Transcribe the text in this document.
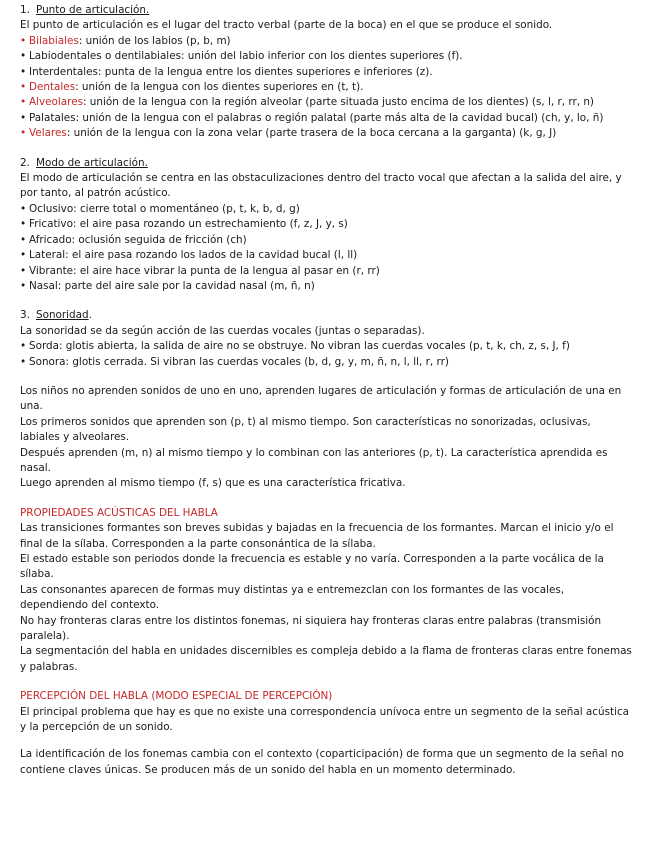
1. Punto de articulación.

El punto de articulación es el lugar del tracto verbal (parte de la boca) en el que se produce el sonido.

• Bilabiales: unión de los labios (p, b, m)
• Labiodentales o dentilabiales: unión del labio inferior con los dientes superiores (f).
• Interdentales: punta de la lengua entre los dientes superiores e inferiores (z).
• Dentales: unión de la lengua con los dientes superiores en (t, t).
• Alveolares: unión de la lengua con la región alveolar (parte situada justo encima de los dientes) (s, l, r, rr, n)
• Palatales: unión de la lengua con el palabras o región palatal (parte más alta de la cavidad bucal) (ch, y, lo, ñ)
• Velares: unión de la lengua con la zona velar (parte trasera de la boca cercana a la garganta) (k, g, J)

2. Modo de articulación.

El modo de articulación se centra en las obstaculizaciones dentro del tracto vocal que afectan a la salida del aire, y por tanto, al patrón acústico.

• Oclusivo: cierre total o momentáneo (p, t, k, b, d, g)
• Fricativo: el aire pasa rozando un estrechamiento (f, z, J, y, s)
• Africado: oclusión seguida de fricción (ch)
• Lateral: el aire pasa rozando los lados de la cavidad bucal (l, ll)
• Vibrante: el aire hace vibrar la punta de la lengua al pasar en (r, rr)
• Nasal: parte del aire sale por la cavidad nasal (m, ñ, n)

3. Sonoridad.

La sonoridad se da según acción de las cuerdas vocales (juntas o separadas).

• Sorda: glotis abierta, la salida de aire no se obstruye. No vibran las cuerdas vocales (p, t, k, ch, z, s, J, f)
• Sonora: glotis cerrada. Si vibran las cuerdas vocales (b, d, g, y, m, ñ, n, l, ll, r, rr)

Los niños no aprenden sonidos de uno en uno, aprenden lugares de articulación y formas de articulación de una en una.

Los primeros sonidos que aprenden son (p, t) al mismo tiempo. Son características no sonorizadas, oclusivas, labiales y alveolares.

Después aprenden (m, n) al mismo tiempo y lo combinan con las anteriores (p, t). La característica aprendida es nasal.

Luego aprenden al mismo tiempo (f, s) que es una característica fricativa.

PROPIEDADES ACÚSTICAS DEL HABLA

Las transiciones formantes son breves subidas y bajadas en la frecuencia de los formantes. Marcan el inicio y/o el final de la sílaba. Corresponden a la parte consonántica de la sílaba.

El estado estable son periodos donde la frecuencia es estable y no varía. Corresponden a la parte vocálica de la sílaba.

Las consonantes aparecen de formas muy distintas ya e entremezclan con los formantes de las vocales, dependiendo del contexto.

No hay fronteras claras entre los distintos fonemas, ni siquiera hay fronteras claras entre palabras (transmisión paralela).

La segmentación del habla en unidades discernibles es compleja debido a la flama de fronteras claras entre fonemas y palabras.

PERCEPCIÓN DEL HABLA (MODO ESPECIAL DE PERCEPCIÓN)

El principal problema que hay es que no existe una correspondencia unívoca entre un segmento de la señal acústica y la percepción de un sonido.

La identificación de los fonemas cambia con el contexto (coparticipación) de forma que un segmento de la señal no contiene claves únicas. Se producen más de un sonido del habla en un momento determinado.
